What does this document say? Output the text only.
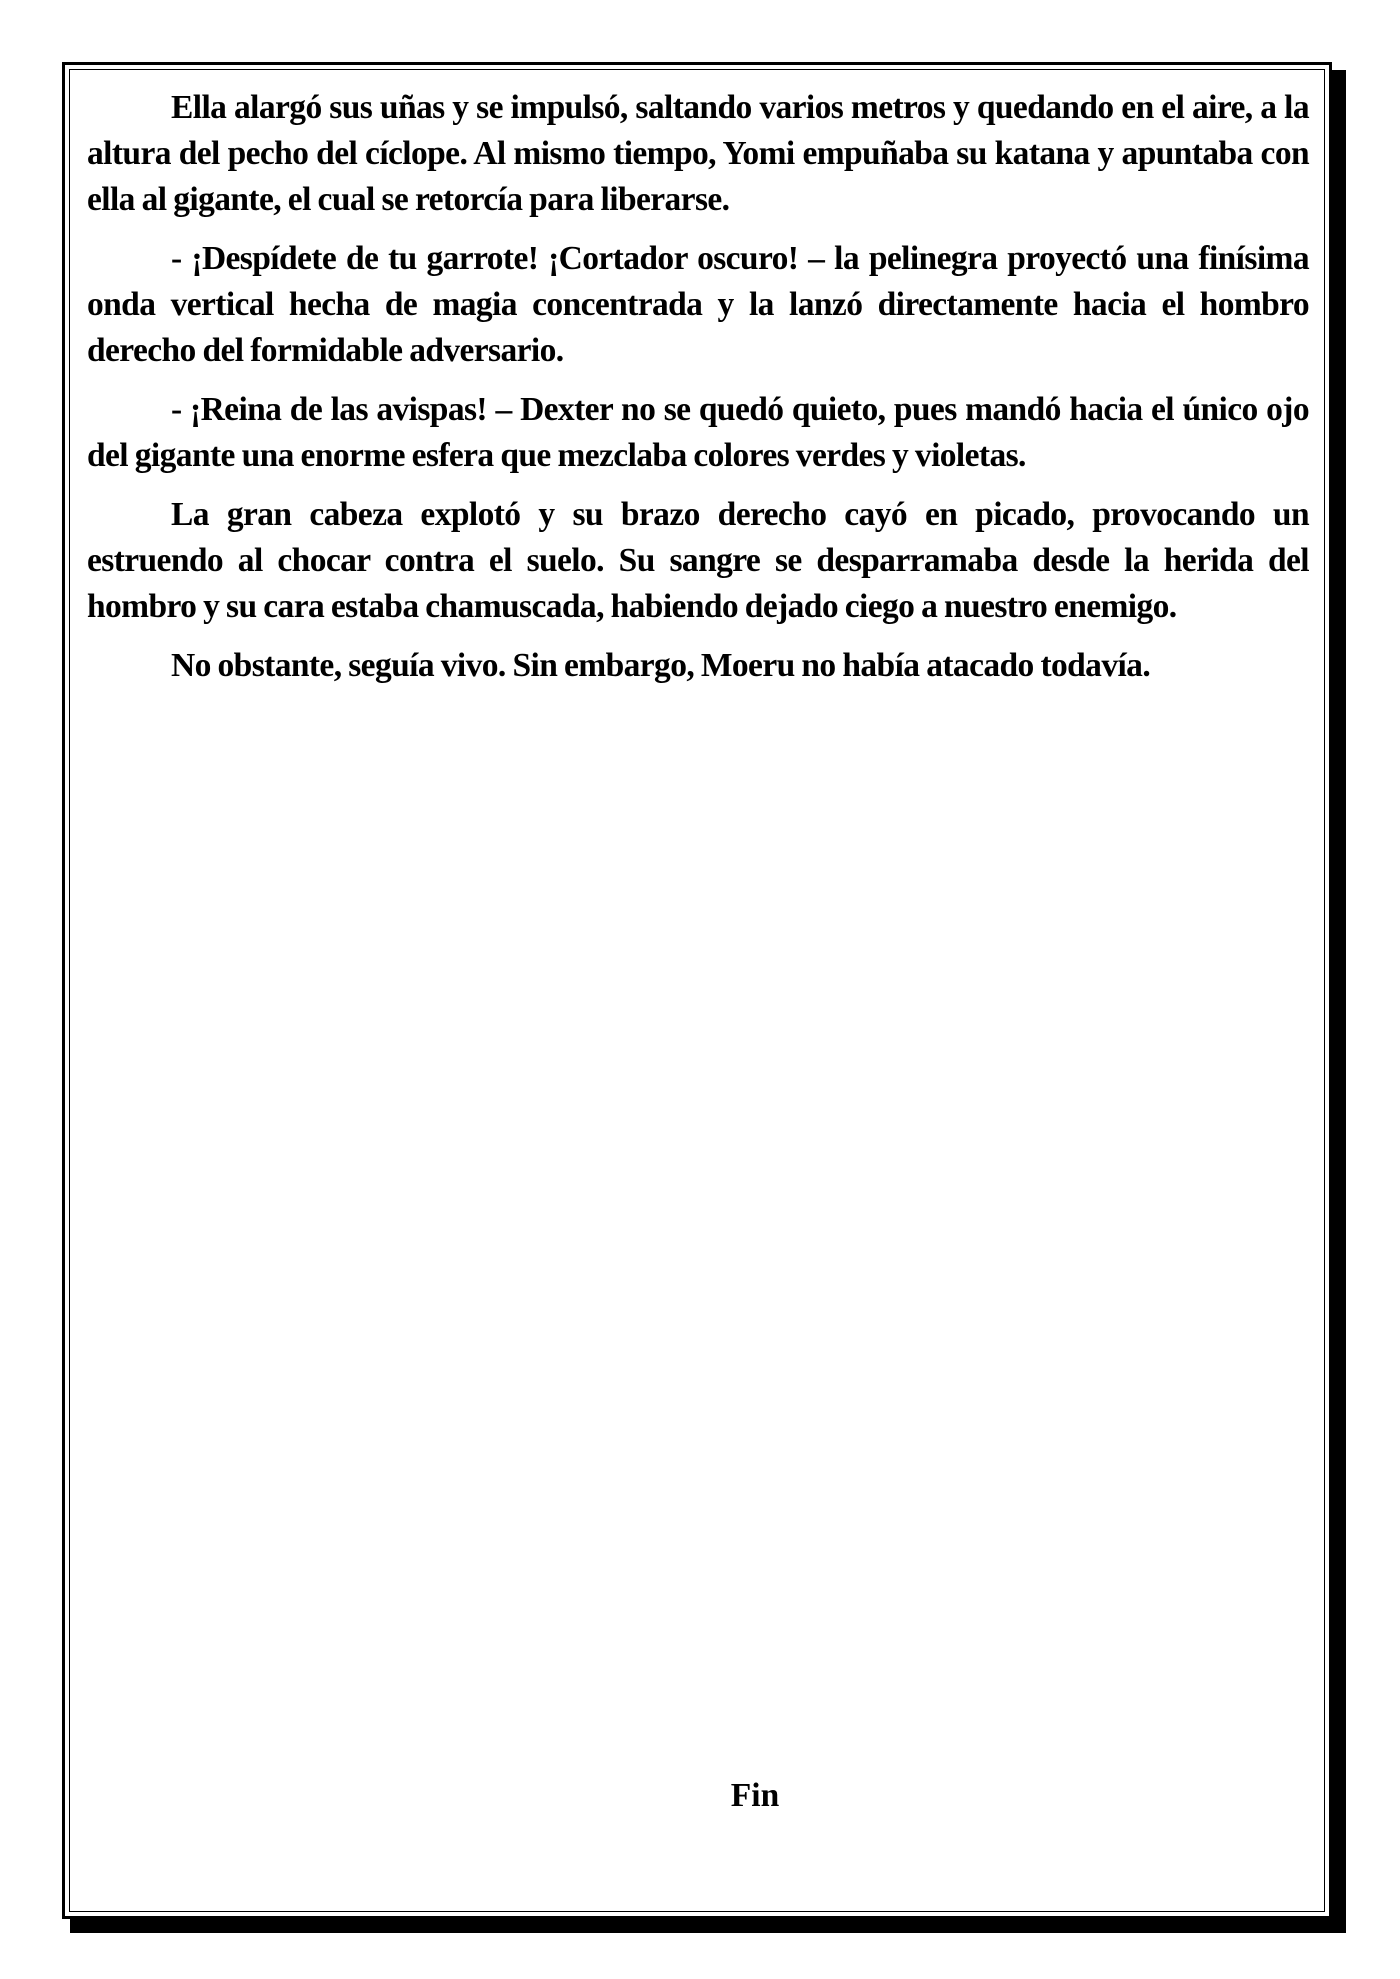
Ella alargó sus uñas y se impulsó, saltando varios metros y quedando en el aire, a la altura del pecho del cíclope. Al mismo tiempo, Yomi empuñaba su katana y apuntaba con ella al gigante, el cual se retorcía para liberarse.

- ¡Despídete de tu garrote! ¡Cortador oscuro! – la pelinegra proyectó una finísima onda vertical hecha de magia concentrada y la lanzó directamente hacia el hombro derecho del formidable adversario.

- ¡Reina de las avispas! – Dexter no se quedó quieto, pues mandó hacia el único ojo del gigante una enorme esfera que mezclaba colores verdes y violetas.

La gran cabeza explotó y su brazo derecho cayó en picado, provocando un estruendo al chocar contra el suelo. Su sangre se desparramaba desde la herida del hombro y su cara estaba chamuscada, habiendo dejado ciego a nuestro enemigo.

No obstante, seguía vivo. Sin embargo, Moeru no había atacado todavía.

Fin
